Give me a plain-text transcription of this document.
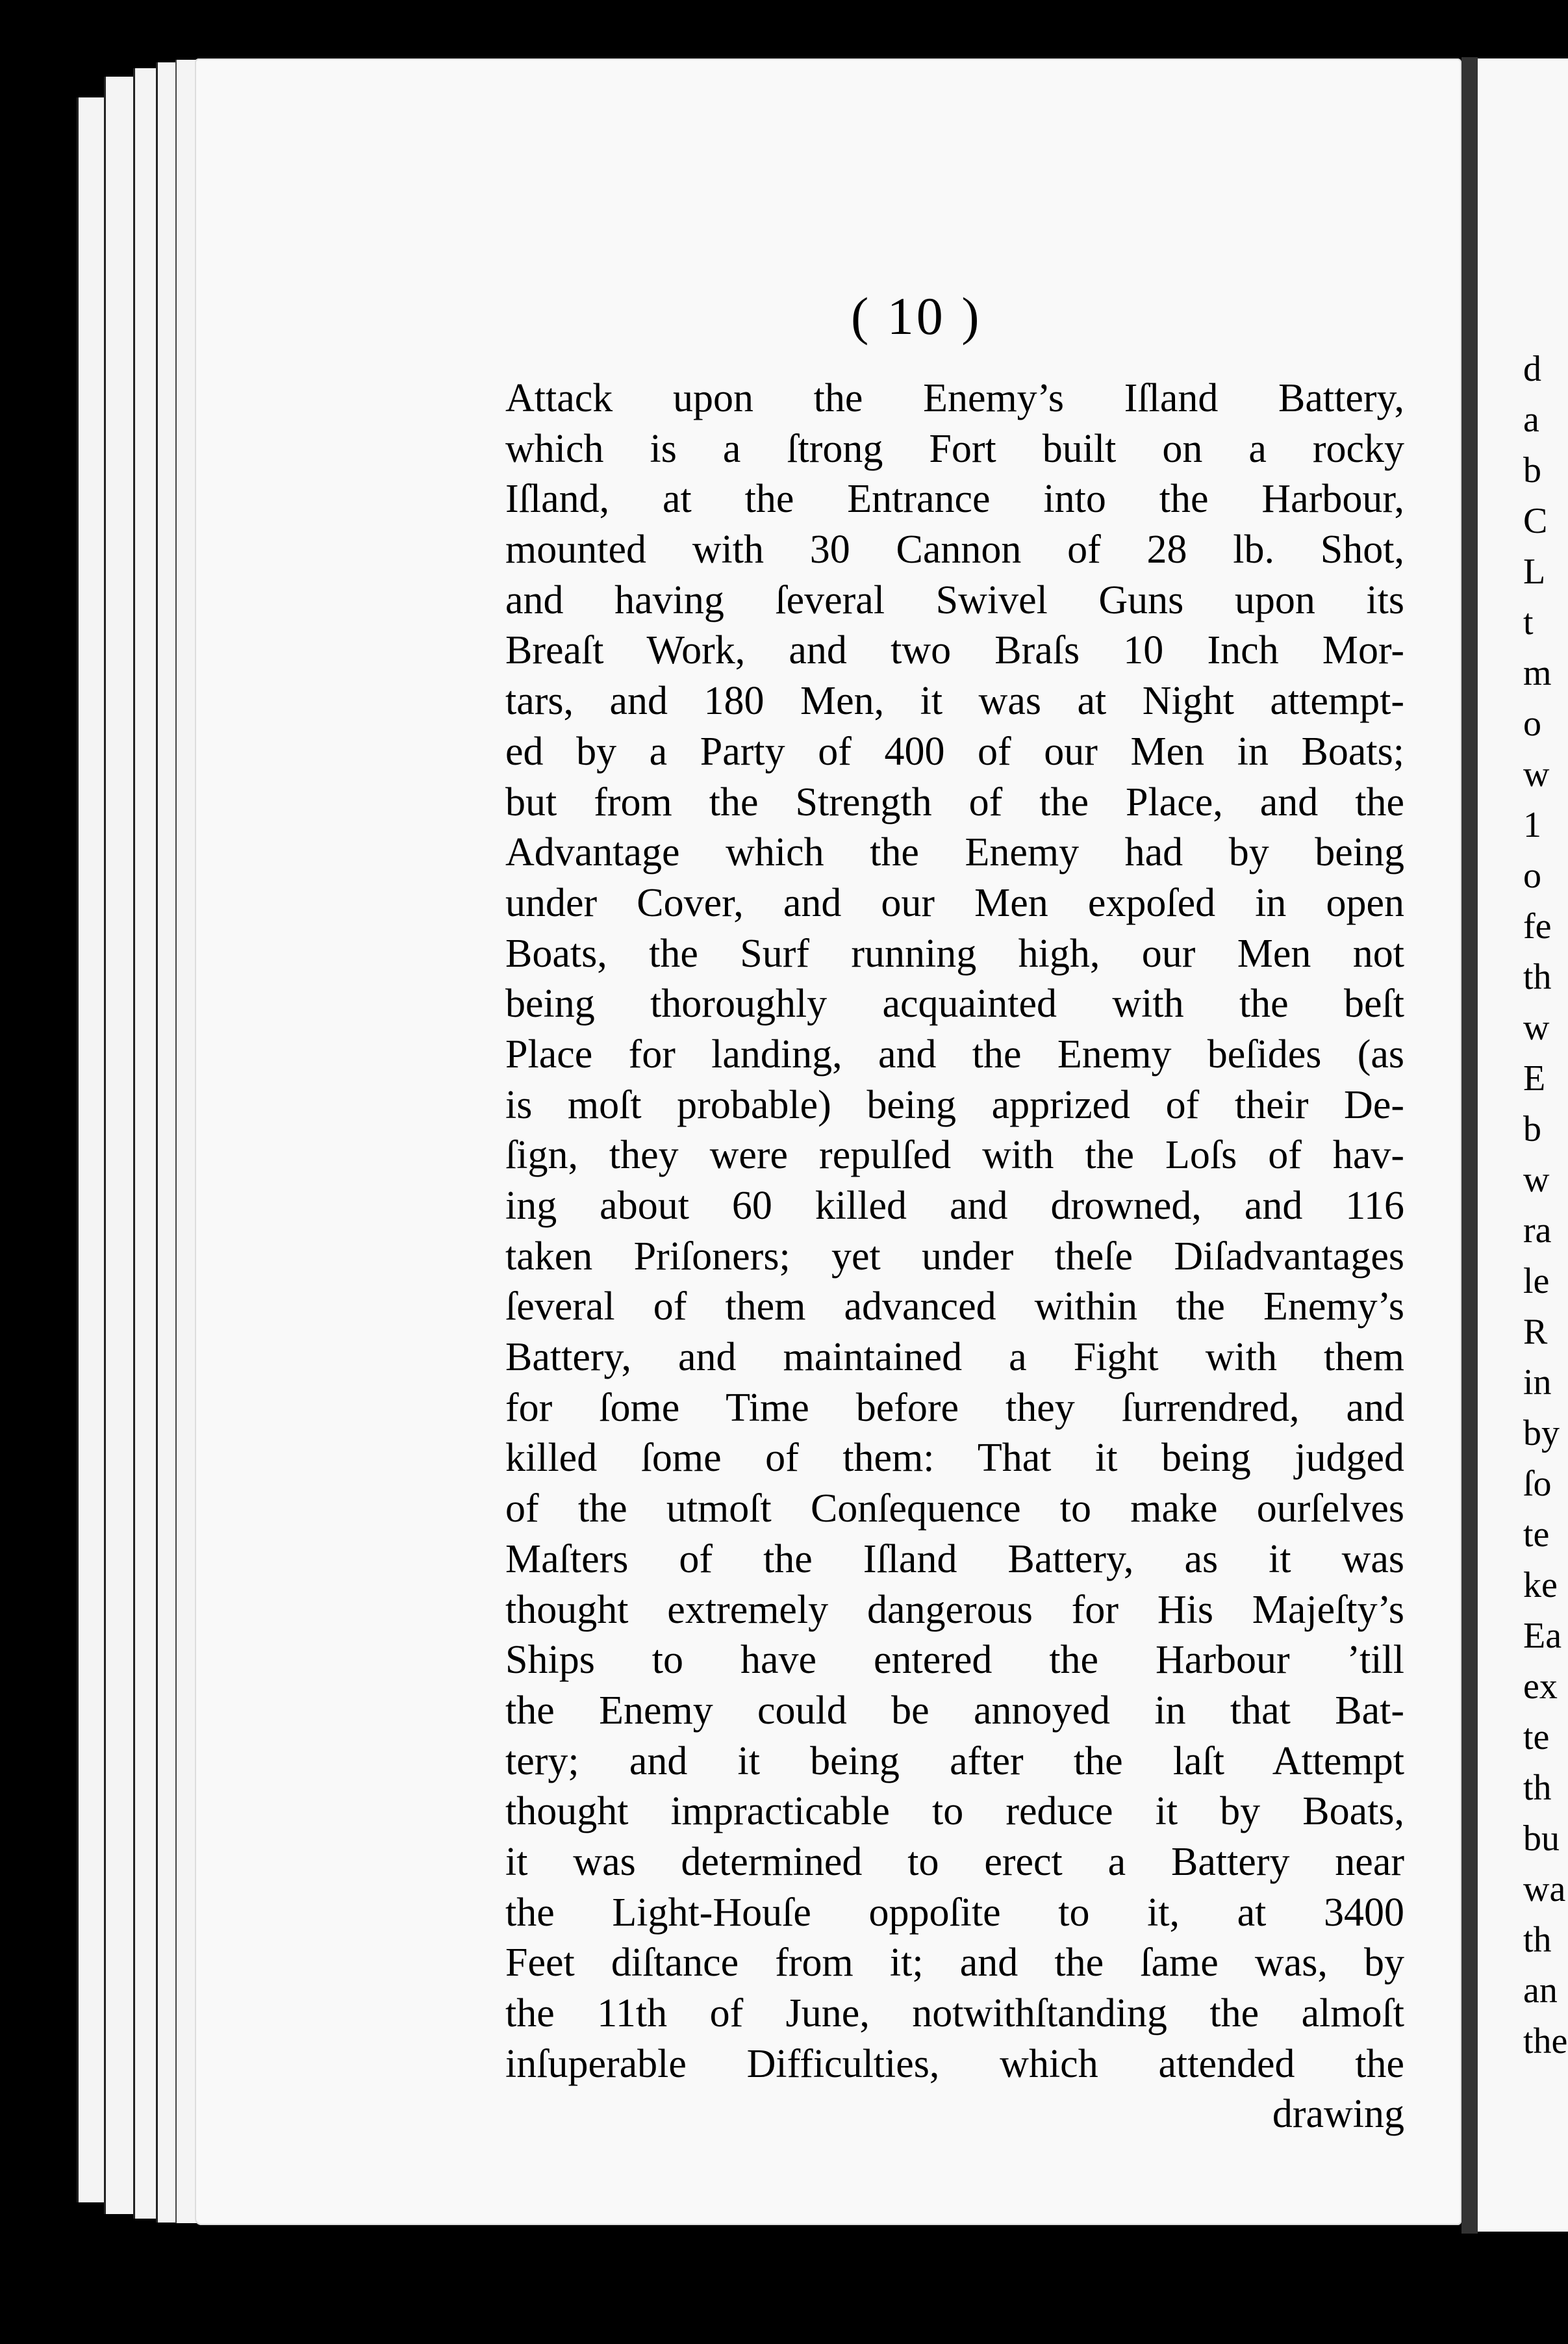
( 10 )
Attack upon the Enemy’s Iſland Battery,
which is a ſtrong Fort built on a rocky
Iſland, at the Entrance into the Harbour,
mounted with 30 Cannon of 28 lb. Shot,
and having ſeveral Swivel Guns upon its
Breaſt Work, and two Braſs 10 Inch Mor-
tars, and 180 Men, it was at Night attempt-
ed by a Party of 400 of our Men in Boats;
but from the Strength of the Place, and the
Advantage which the Enemy had by being
under Cover, and our Men expoſed in open
Boats, the Surf running high, our Men not
being thoroughly acquainted with the beſt
Place for landing, and the Enemy beſides (as
is moſt probable) being apprized of their De-
ſign, they were repulſed with the Loſs of hav-
ing about 60 killed and drowned, and 116
taken Priſoners; yet under theſe Diſadvantages
ſeveral of them advanced within the Enemy’s
Battery, and maintained a Fight with them
for ſome Time before they ſurrendred, and
killed ſome of them: That it being judged
of the utmoſt Conſequence to make ourſelves
Maſters of the Iſland Battery, as it was
thought extremely dangerous for His Majeſty’s
Ships to have entered the Harbour ’till
the Enemy could be annoyed in that Bat-
tery; and it being after the laſt Attempt
thought impracticable to reduce it by Boats,
it was determined to erect a Battery near
the Light-Houſe oppoſite to it, at 3400
Feet diſtance from it; and the ſame was, by
the 11th of June, notwithſtanding the almoſt
inſuperable Difficulties, which attended the
drawing
d
a
b
C
L
t
m
o
w
1
o
fe
th
w
E
b
w
ra
le
R
in
by
ſo
te
ke
Ea
ex
te
th
bu
wa
th
an
the
